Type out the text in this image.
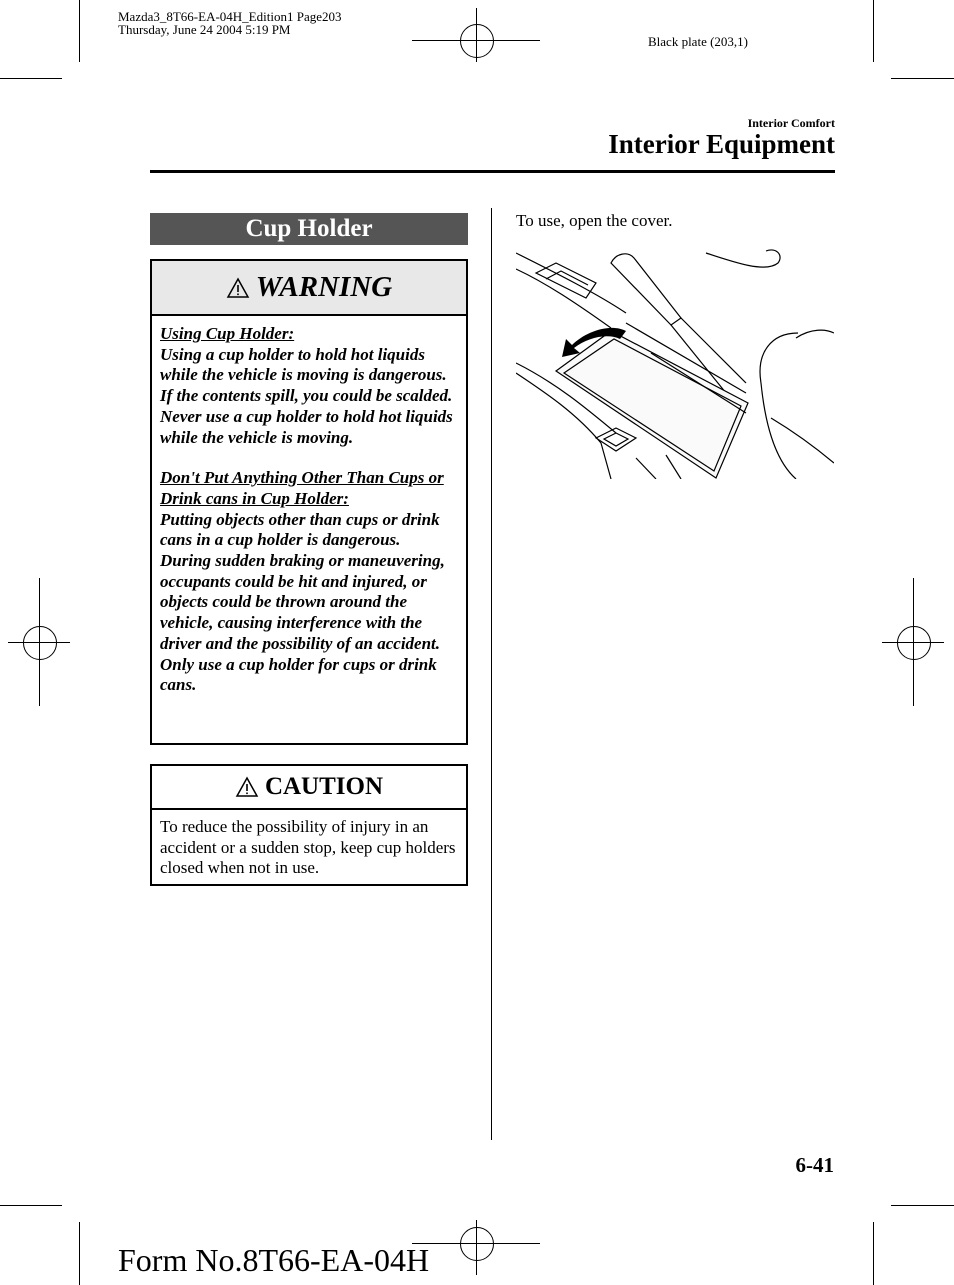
Mazda3_8T66-EA-04H_Edition1 Page203
Thursday, June 24 2004 5:19 PM
Black plate (203,1)
Interior Comfort
Interior Equipment
Cup Holder
WARNING

Using Cup Holder:

Using a cup holder to hold hot liquids while the vehicle is moving is dangerous. If the contents spill, you could be scalded. Never use a cup holder to hold hot liquids while the vehicle is moving.

Don't Put Anything Other Than Cups or Drink cans in Cup Holder:

Putting objects other than cups or drink cans in a cup holder is dangerous.

During sudden braking or maneuvering, occupants could be hit and injured, or objects could be thrown around the vehicle, causing interference with the driver and the possibility of an accident. Only use a cup holder for cups or drink cans.

CAUTION
To reduce the possibility of injury in an accident or a sudden stop, keep cup holders closed when not in use.
To use, open the cover.
6-41
Form No.8T66-EA-04H
